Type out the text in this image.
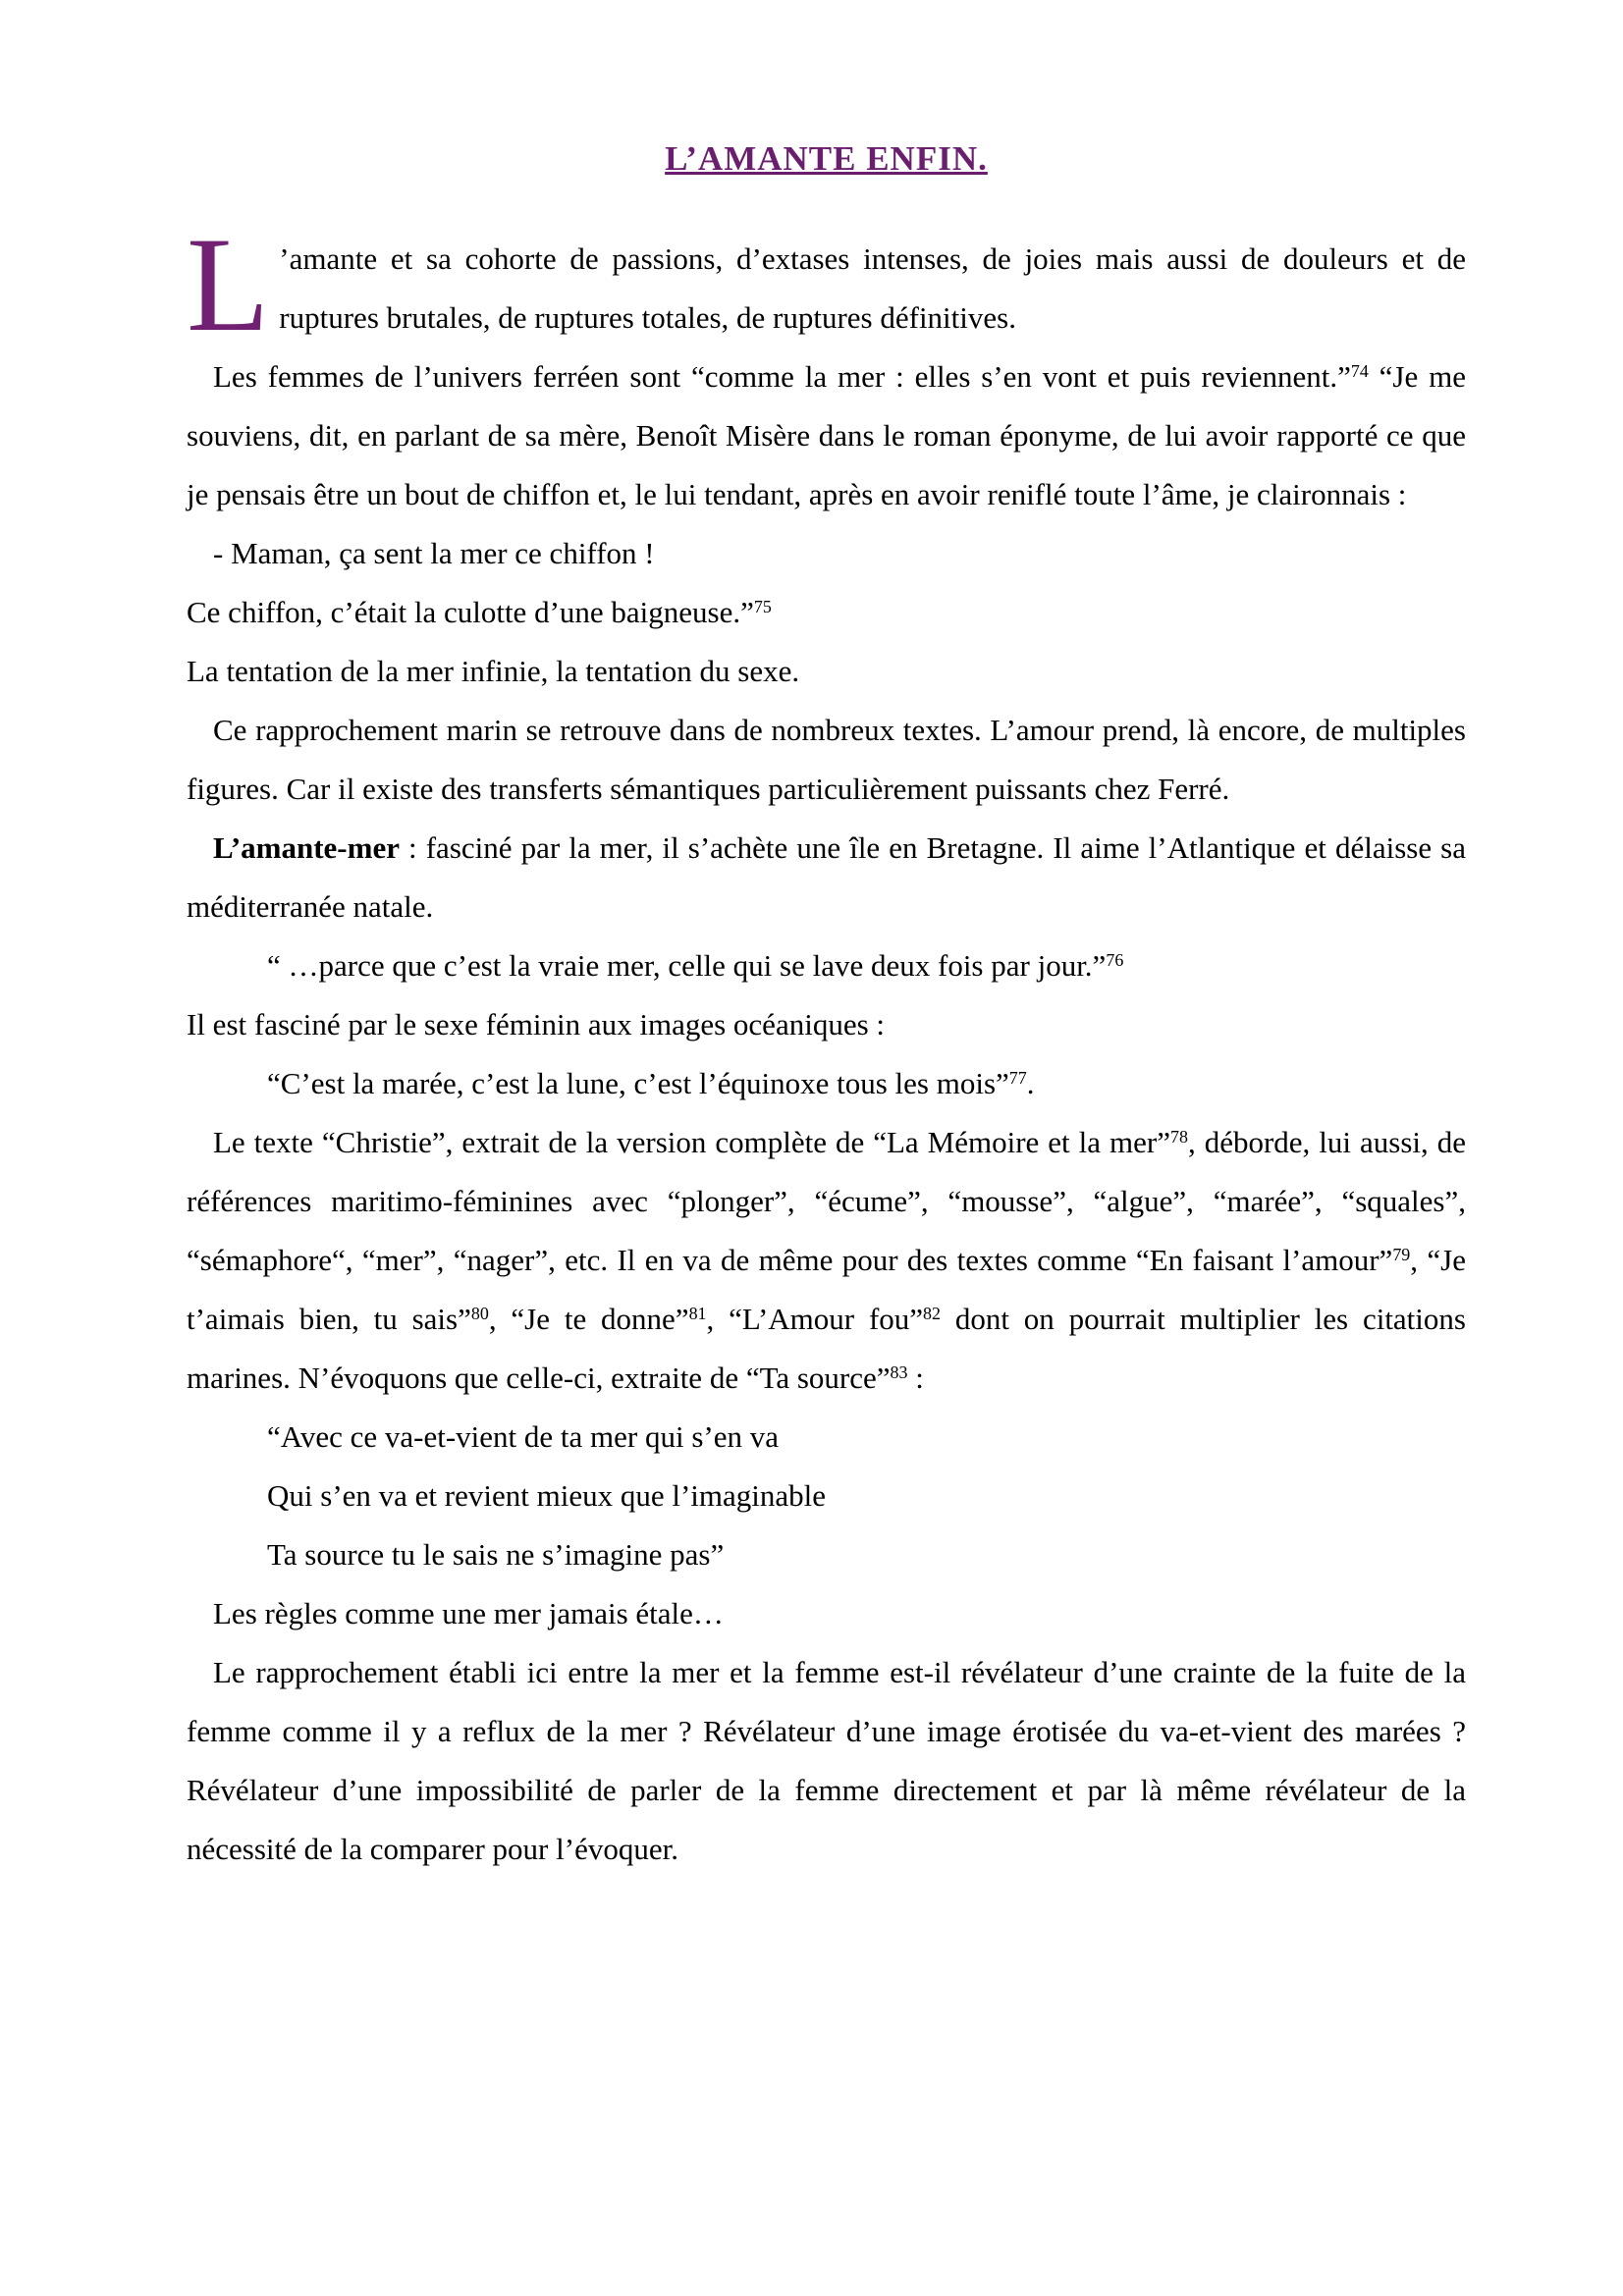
L’AMANTE ENFIN.

L ’amante et sa cohorte de passions, d’extases intenses, de joies mais aussi de douleurs et de ruptures brutales, de ruptures totales, de ruptures définitives.

Les femmes de l’univers ferréen sont “comme la mer : elles s’en vont et puis reviennent.”$^{74}$ “Je me souviens, dit, en parlant de sa mère, Benoît Misère dans le roman éponyme, de lui avoir rapporté ce que je pensais être un bout de chiffon et, le lui tendant, après en avoir reniflé toute l’âme, je claironnais :

- Maman, ça sent la mer ce chiffon !

Ce chiffon, c’était la culotte d’une baigneuse.”$^{75}$

La tentation de la mer infinie, la tentation du sexe.

Ce rapprochement marin se retrouve dans de nombreux textes. L’amour prend, là encore, de multiples figures. Car il existe des transferts sémantiques particulièrement puissants chez Ferré.

L’amante-mer : fasciné par la mer, il s’achète une île en Bretagne. Il aime l’Atlantique et délaisse sa méditerranée natale.

“ …parce que c’est la vraie mer, celle qui se lave deux fois par jour.”$^{76}$

Il est fasciné par le sexe féminin aux images océaniques :

“C’est la marée, c’est la lune, c’est l’équinoxe tous les mois”$^{77}$.

Le texte “Christie”, extrait de la version complète de “La Mémoire et la mer”$^{78}$, déborde, lui aussi, de références maritimo-féminines avec “plonger”, “écume”, “mousse”, “algue”, “marée”, “squales”, “sémaphore“, “mer”, “nager”, etc. Il en va de même pour des textes comme “En faisant l’amour”$^{79}$, “Je t’aimais bien, tu sais”$^{80}$, “Je te donne”$^{81}$, “L’Amour fou”$^{82}$ dont on pourrait multiplier les citations marines. N’évoquons que celle-ci, extraite de “Ta source”$^{83}$ :

“Avec ce va-et-vient de ta mer qui s’en va

Qui s’en va et revient mieux que l’imaginable

Ta source tu le sais ne s’imagine pas”

Les règles comme une mer jamais étale…

Le rapprochement établi ici entre la mer et la femme est-il révélateur d’une crainte de la fuite de la femme comme il y a reflux de la mer ? Révélateur d’une image érotisée du va-et-vient des marées ? Révélateur d’une impossibilité de parler de la femme directement et par là même révélateur de la nécessité de la comparer pour l’évoquer.
